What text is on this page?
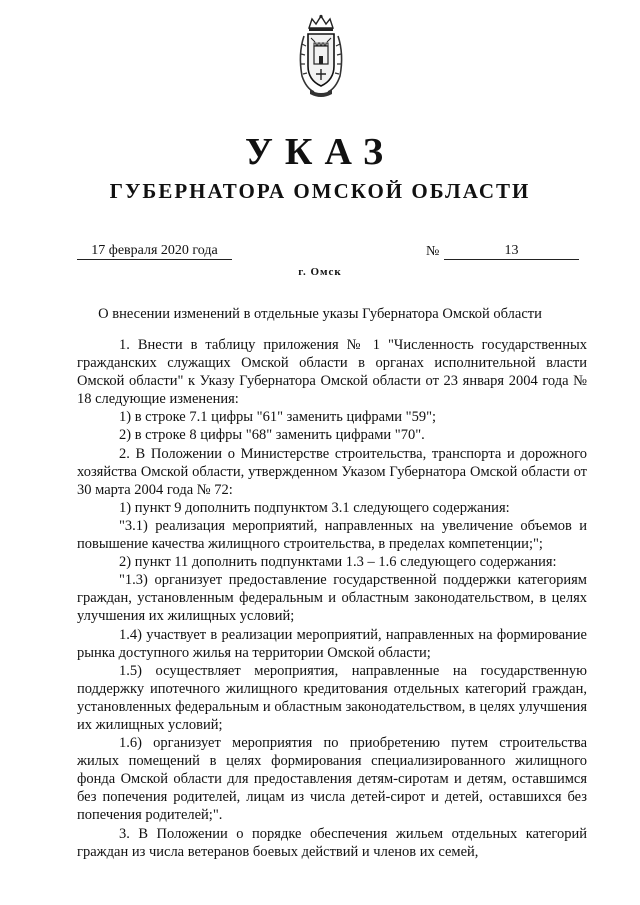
УКАЗ
ГУБЕРНАТОРА ОМСКОЙ ОБЛАСТИ
17 февраля 2020 года	№	13
г. Омск
О внесении изменений в отдельные указы Губернатора Омской области

1. Внести в таблицу приложения № 1 "Численность государственных гражданских служащих Омской области в органах исполнительной власти Омской области" к Указу Губернатора Омской области от 23 января 2004 года № 18 следующие изменения:

1) в строке 7.1 цифры "61" заменить цифрами "59";

2) в строке 8 цифры "68" заменить цифрами "70".

2. В Положении о Министерстве строительства, транспорта и дорожного хозяйства Омской области, утвержденном Указом Губернатора Омской области от 30 марта 2004 года № 72:

1) пункт 9 дополнить подпунктом 3.1 следующего содержания:

"3.1) реализация мероприятий, направленных на увеличение объемов и повышение качества жилищного строительства, в пределах компетенции;";

2) пункт 11 дополнить подпунктами 1.3 – 1.6 следующего содержания:

"1.3) организует предоставление государственной поддержки категориям граждан, установленным федеральным и областным законодательством, в целях улучшения их жилищных условий;

1.4) участвует в реализации мероприятий, направленных на формирование рынка доступного жилья на территории Омской области;

1.5) осуществляет мероприятия, направленные на государственную поддержку ипотечного жилищного кредитования отдельных категорий граждан, установленных федеральным и областным законодательством, в целях улучшения их жилищных условий;

1.6) организует мероприятия по приобретению путем строительства жилых помещений в целях формирования специализированного жилищного фонда Омской области для предоставления детям-сиротам и детям, оставшимся без попечения родителей, лицам из числа детей-сирот и детей, оставшихся без попечения родителей;".

3. В Положении о порядке обеспечения жильем отдельных категорий граждан из числа ветеранов боевых действий и членов их семей,
